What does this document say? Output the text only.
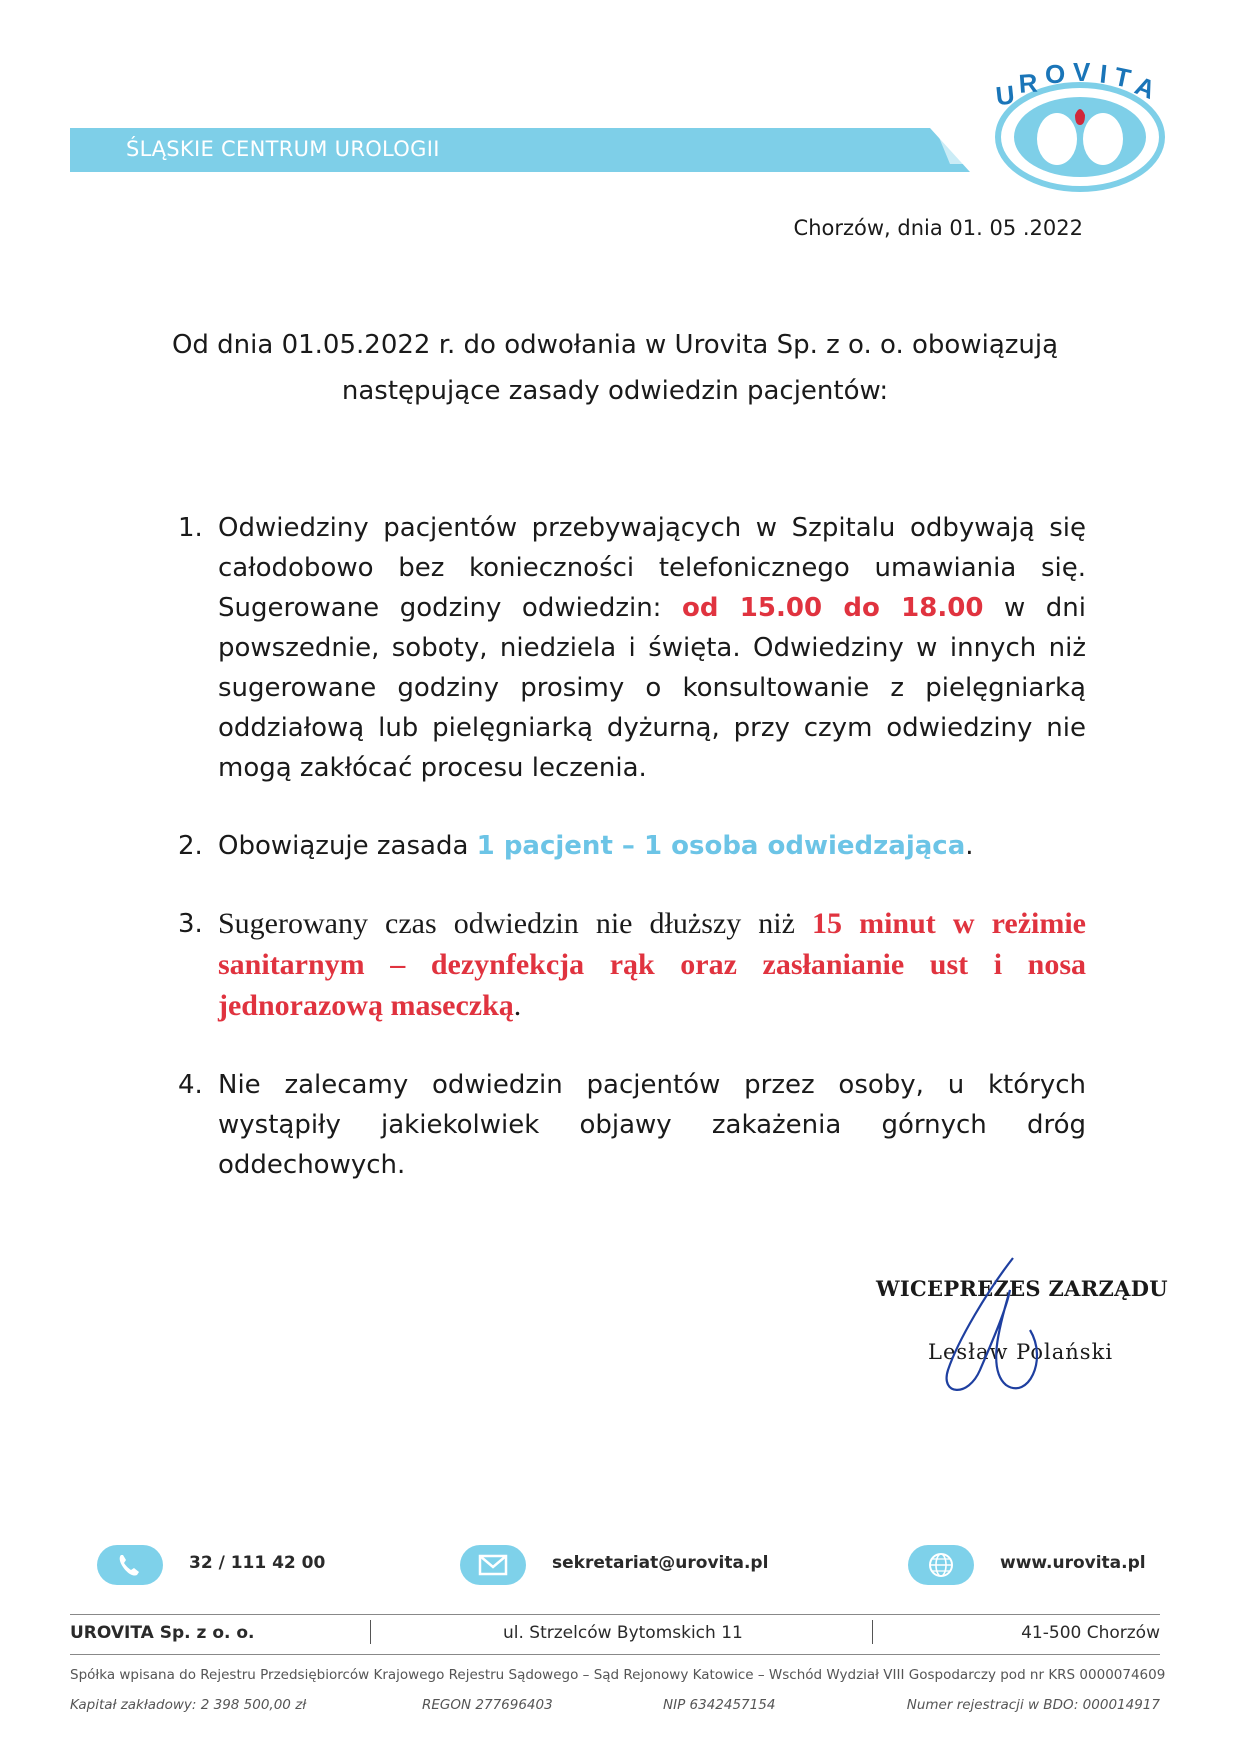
ŚLĄSKIE CENTRUM UROLOGII
U R O V I T
A
Chorzów, dnia 01. 05 .2022
Od dnia 01.05.2022 r. do odwołania w Urovita Sp. z o. o. obowiązują
następujące zasady odwiedzin pacjentów:
1. Odwiedziny pacjentów przebywających w Szpitalu odbywają się całodobowo bez konieczności telefonicznego umawiania się. Sugerowane godziny odwiedzin: od 15.00 do 18.00 w dni powszednie, soboty, niedziela i święta. Odwiedziny w innych niż sugerowane godziny prosimy o konsultowanie z pielęgniarką oddziałową lub pielęgniarką dyżurną, przy czym odwiedziny nie mogą zakłócać procesu leczenia.
2. Obowiązuje zasada 1 pacjent – 1 osoba odwiedzająca.
3. Sugerowany czas odwiedzin nie dłuższy niż 15 minut w reżimie sanitarnym – dezynfekcja rąk oraz zasłanianie ust i nosa jednorazową maseczką.
4. Nie zalecamy odwiedzin pacjentów przez osoby, u których wystąpiły jakiekolwiek objawy zakażenia górnych dróg oddechowych.
WICEPREZES ZARZĄDU
Lesław Polański
32 / 111 42 00	sekretariat@urovita.pl	www.urovita.pl
UROVITA Sp. z o. o.	ul. Strzelców Bytomskich 11	41-500 Chorzów
Spółka wpisana do Rejestru Przedsiębiorców Krajowego Rejestru Sądowego – Sąd Rejonowy Katowice – Wschód Wydział VIII Gospodarczy pod nr KRS 0000074609
Kapitał zakładowy: 2 398 500,00 zł	REGON 277696403	NIP 6342457154	Numer rejestracji w BDO: 000014917
